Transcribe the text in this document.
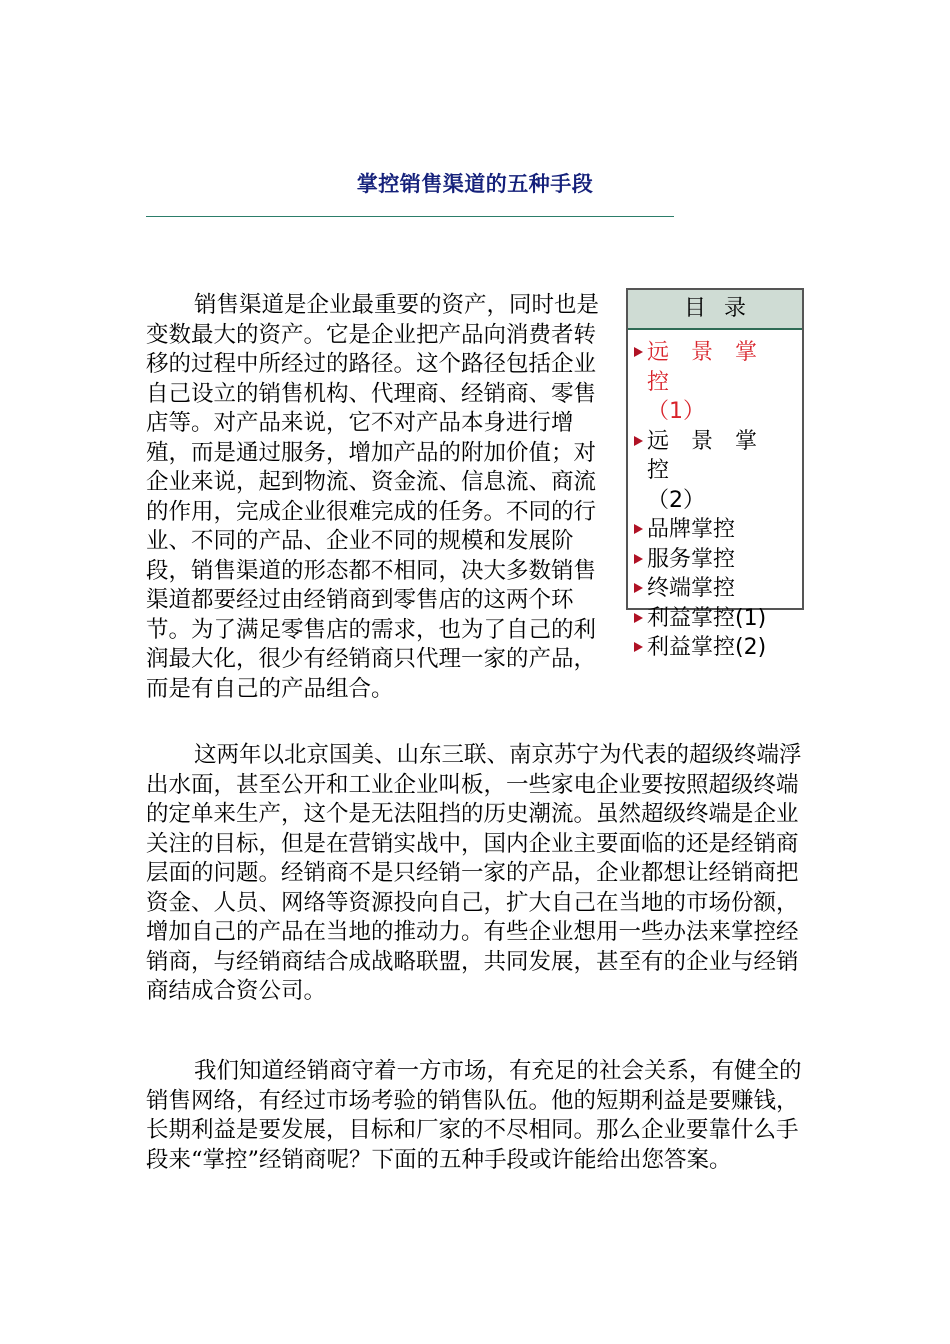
掌控销售渠道的五种手段

销售渠道是企业最重要的资产，同时也是变数最大的资产。它是企业把产品向消费者转移的过程中所经过的路径。这个路径包括企业自己设立的销售机构、代理商、经销商、零售店等。对产品来说，它不对产品本身进行增殖，而是通过服务，增加产品的附加价值；对企业来说，起到物流、资金流、信息流、商流的作用，完成企业很难完成的任务。不同的行业、不同的产品、企业不同的规模和发展阶段，销售渠道的形态都不相同，决大多数销售渠道都要经过由经销商到零售店的这两个环节。为了满足零售店的需求，也为了自己的利润最大化，很少有经销商只代理一家的产品，而是有自己的产品组合。

这两年以北京国美、山东三联、南京苏宁为代表的超级终端浮出水面，甚至公开和工业企业叫板，一些家电企业要按照超级终端的定单来生产，这个是无法阻挡的历史潮流。虽然超级终端是企业关注的目标，但是在营销实战中，国内企业主要面临的还是经销商层面的问题。经销商不是只经销一家的产品，企业都想让经销商把资金、人员、网络等资源投向自己，扩大自己在当地的市场份额，增加自己的产品在当地的推动力。有些企业想用一些办法来掌控经销商，与经销商结合成战略联盟，共同发展，甚至有的企业与经销商结成合资公司。

我们知道经销商守着一方市场，有充足的社会关系，有健全的销售网络，有经过市场考验的销售队伍。他的短期利益是要赚钱，长期利益是要发展，目标和厂家的不尽相同。那么企业要靠什么手段来“掌控”经销商呢？下面的五种手段或许能给出您答案。

目录
远景掌控
（1）
远景掌控
（2）
品牌掌控
服务掌控
终端掌控
利益掌控(1)
利益掌控(2)
